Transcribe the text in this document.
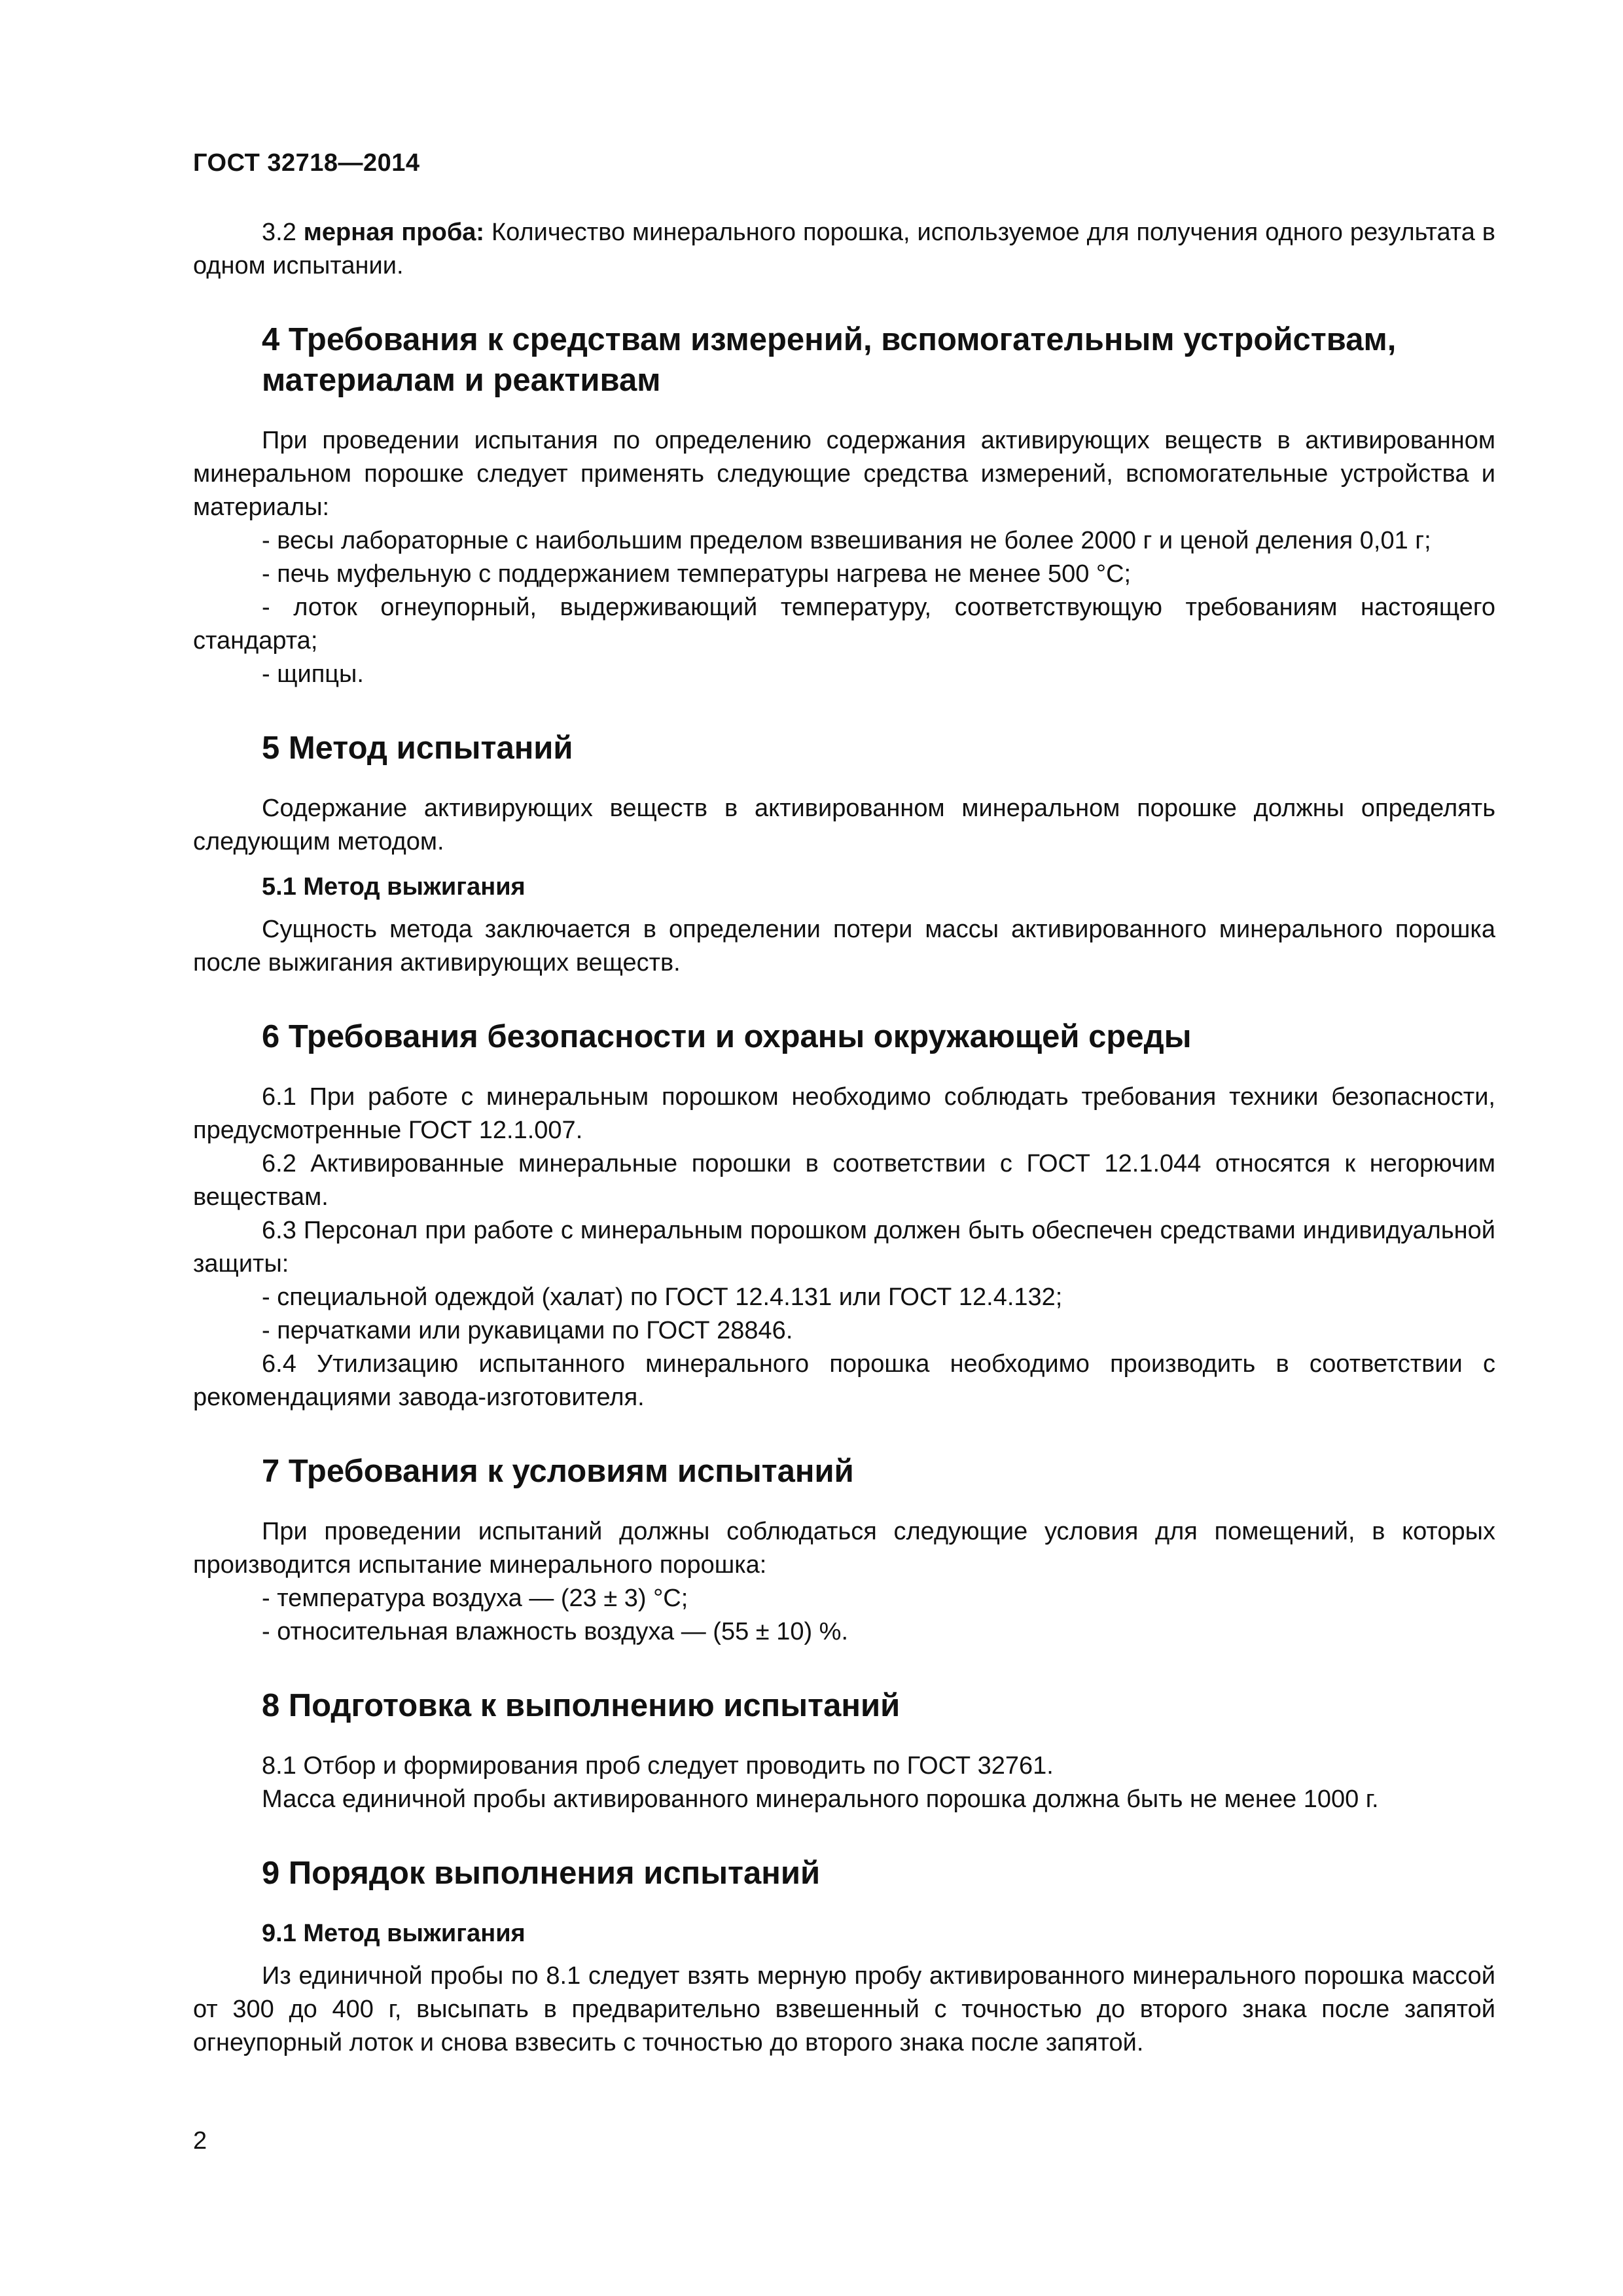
ГОСТ 32718—2014

3.2 мерная проба: Количество минерального порошка, используемое для получения одного результата в одном испытании.

4 Требования к средствам измерений, вспомогательным устройствам, материалам и реактивам

При проведении испытания по определению содержания активирующих веществ в активированном минеральном порошке следует применять следующие средства измерений, вспомогательные устройства и материалы:

- весы лабораторные с наибольшим пределом взвешивания не более 2000 г и ценой деления 0,01 г;

- печь муфельную с поддержанием температуры нагрева не менее 500 °С;

- лоток огнеупорный, выдерживающий температуру, соответствующую требованиям настоящего стандарта;

- щипцы.

5 Метод испытаний

Содержание активирующих веществ в активированном минеральном порошке должны определять следующим методом.

5.1 Метод выжигания

Сущность метода заключается в определении потери массы активированного минерального порошка после выжигания активирующих веществ.

6 Требования безопасности и охраны окружающей среды

6.1 При работе с минеральным порошком необходимо соблюдать требования техники безопасности, предусмотренные ГОСТ 12.1.007.

6.2 Активированные минеральные порошки в соответствии с ГОСТ 12.1.044 относятся к негорючим веществам.

6.3 Персонал при работе с минеральным порошком должен быть обеспечен средствами индивидуальной защиты:

- специальной одеждой (халат) по ГОСТ 12.4.131 или ГОСТ 12.4.132;

- перчатками или рукавицами по ГОСТ 28846.

6.4 Утилизацию испытанного минерального порошка необходимо производить в соответствии с рекомендациями завода-изготовителя.

7 Требования к условиям испытаний

При проведении испытаний должны соблюдаться следующие условия для помещений, в которых производится испытание минерального порошка:

- температура воздуха — (23 ± 3) °С;

- относительная влажность воздуха — (55 ± 10) %.

8 Подготовка к выполнению испытаний

8.1 Отбор и формирования проб следует проводить по ГОСТ 32761.

Масса единичной пробы активированного минерального порошка должна быть не менее 1000 г.

9 Порядок выполнения испытаний
9.1 Метод выжигания

Из единичной пробы по 8.1 следует взять мерную пробу активированного минерального порошка массой от 300 до 400 г, высыпать в предварительно взвешенный с точностью до второго знака после запятой огнеупорный лоток и снова взвесить с точностью до второго знака после запятой.

2
